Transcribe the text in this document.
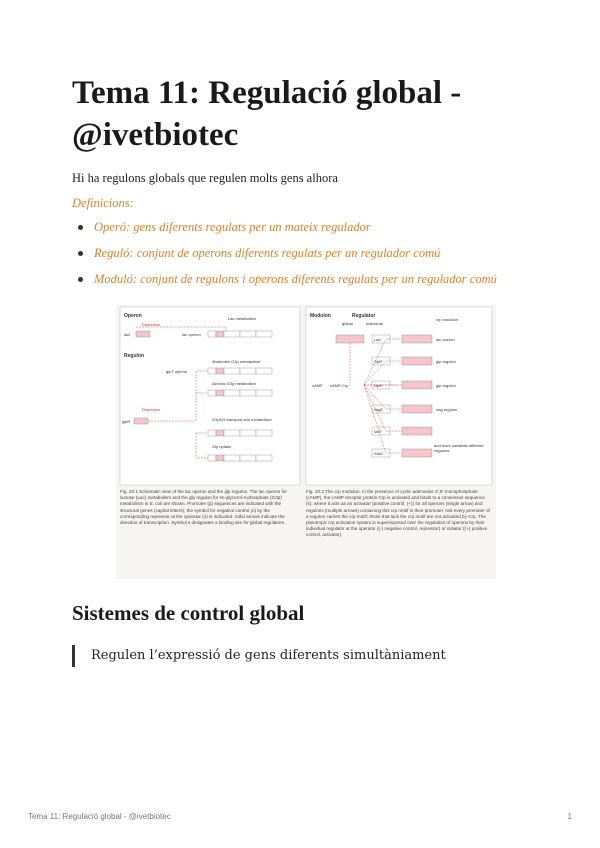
Tema 11: Regulació global - @ivetbiotec
Hi ha regulons globals que regulen molts gens alhora
Definicions:
Operó: gens diferents regulats per un mateix regulador
Reguló: conjunt de operons diferents regulats per un regulador comú
Moduló: conjunt de regulons i operons diferents regulats per un regulador comú
Operon
Repressor
Lac metabolism
lacI	lac operon
Regulon
Anaerobic G3p metabolism
glpT operon
Aerobic G3p metabolism
Repressor
glpR	G3pDH transport and metabolism
Glp uptake
Fig. 20.1 Schematic view of the lac operon and the glp regulon. The lac operon for lactose (Lac) metabolism and the glp regulon for sn-glycerol-3-phosphate (G3p) metabolism in E. coli are shown. Promoter (p) sequences are indicated with the structural genes (capital letters); the symbol for negative control (o) by the corresponding repressor at the operator (o) is indicated. Solid arrows indicate the direction of transcription. Symbol s designates a binding site for global regulators.
Modulon	Regulator
global	individual
crp modulon
LacI	lac operon
GlpR	glp regulon
cAMP cAMP-Crp	GlpR	glp regulon
NagC	nag regulon
MalT
SdiaC
and more catabolic-different regulons
Fig. 20.2 The crp modulon. In the presence of cyclic adenosine 3',5'-monophosphate (cAMP), the cAMP receptor protein Crp is activated and binds to a consensus sequence (s), where it acts as an activator (positive control, (+)) for all operons (single arrow) and regulons (multiple arrows) containing this crp motif in their promoter. Not every promoter of a regulon carries the crp motif; those that lack the crp motif are not activated by Crp. The pleiotropic crp activation system is superimposed over the regulation of operons by their individual regulator at the operator ((-) negative control, repressor) or initiator ((+) positive control, activator).
Sistemes de control global
Regulen l’expressió de gens diferents simultàniament
Tema 11: Regulació global - @ivetbiotec	1
